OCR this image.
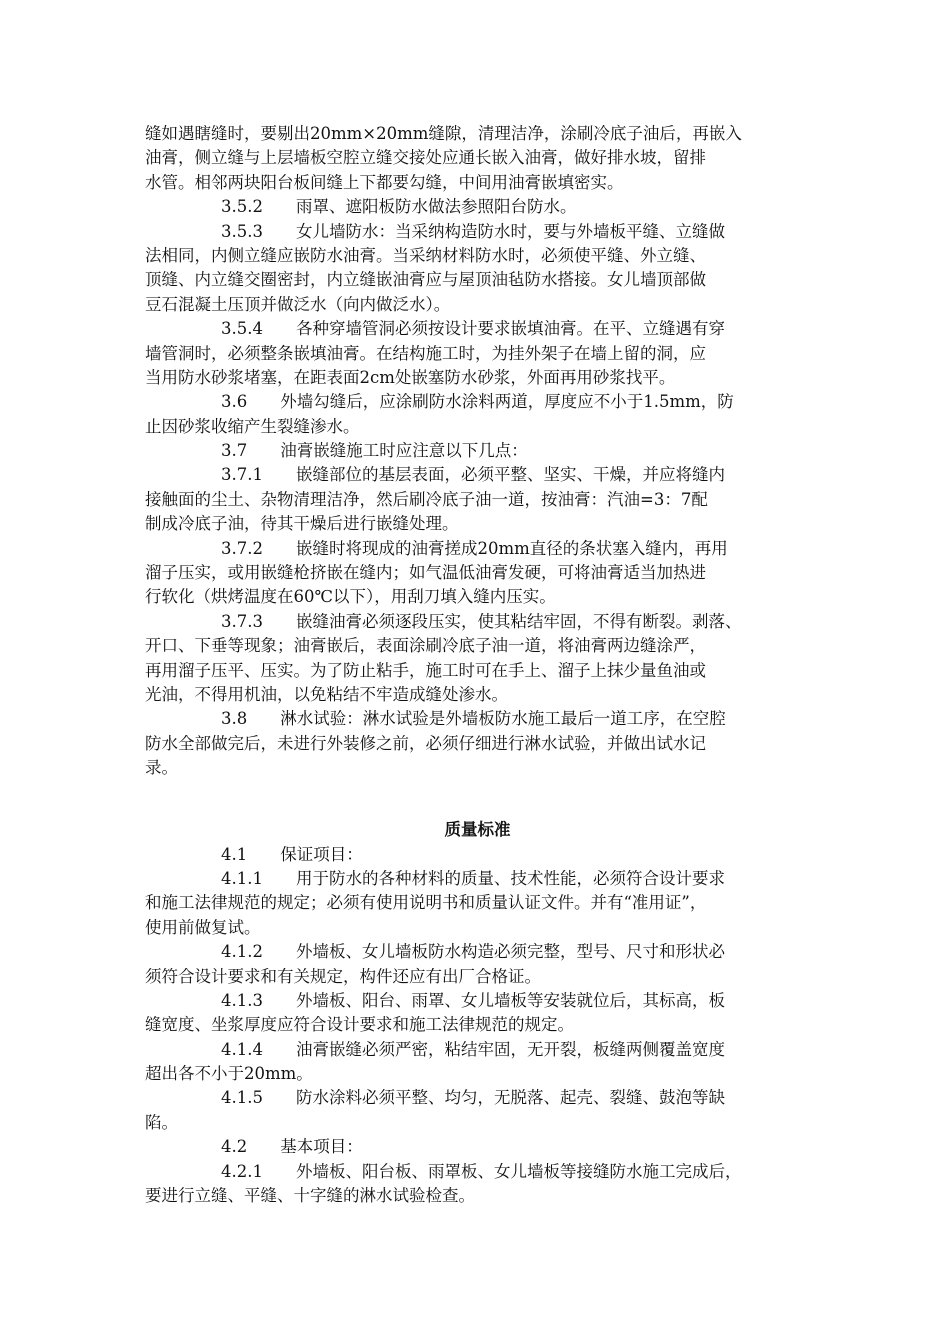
缝如遇瞎缝时，要剔出20mm×20mm缝隙，清理洁净，涂刷冷底子油后，再嵌入
油膏，侧立缝与上层墙板空腔立缝交接处应通长嵌入油膏，做好排水坡，留排
水管。相邻两块阳台板间缝上下都要勾缝，中间用油膏嵌填密实。
3.5.2　　雨罩、遮阳板防水做法参照阳台防水。
3.5.3　　女儿墙防水：当采纳构造防水时，要与外墙板平缝、立缝做
法相同，内侧立缝应嵌防水油膏。当采纳材料防水时，必须使平缝、外立缝、
顶缝、内立缝交圈密封，内立缝嵌油膏应与屋顶油毡防水搭接。女儿墙顶部做
豆石混凝土压顶并做泛水（向内做泛水）。
3.5.4　　各种穿墙管洞必须按设计要求嵌填油膏。在平、立缝遇有穿
墙管洞时，必须整条嵌填油膏。在结构施工时，为挂外架子在墙上留的洞，应
当用防水砂浆堵塞，在距表面2cm处嵌塞防水砂浆，外面再用砂浆找平。
3.6　　外墙勾缝后，应涂刷防水涂料两道，厚度应不小于1.5mm，防
止因砂浆收缩产生裂缝渗水。
3.7　　油膏嵌缝施工时应注意以下几点：
3.7.1　　嵌缝部位的基层表面，必须平整、坚实、干燥，并应将缝内
接触面的尘土、杂物清理洁净，然后刷冷底子油一道，按油膏：汽油=3：7配
制成冷底子油，待其干燥后进行嵌缝处理。
3.7.2　　嵌缝时将现成的油膏搓成20mm直径的条状塞入缝内，再用
溜子压实，或用嵌缝枪挤嵌在缝内；如气温低油膏发硬，可将油膏适当加热进
行软化（烘烤温度在60℃以下），用刮刀填入缝内压实。
3.7.3　　嵌缝油膏必须逐段压实，使其粘结牢固，不得有断裂。剥落、
开口、下垂等现象；油膏嵌后，表面涂刷冷底子油一道，将油膏两边缝涂严，
再用溜子压平、压实。为了防止粘手，施工时可在手上、溜子上抹少量鱼油或
光油，不得用机油，以免粘结不牢造成缝处渗水。
3.8　　淋水试验：淋水试验是外墙板防水施工最后一道工序，在空腔
防水全部做完后，未进行外装修之前，必须仔细进行淋水试验，并做出试水记
录。
质量标准
4.1　　保证项目：
4.1.1　　用于防水的各种材料的质量、技术性能，必须符合设计要求
和施工法律规范的规定；必须有使用说明书和质量认证文件。并有“准用证”，
使用前做复试。
4.1.2　　外墙板、女儿墙板防水构造必须完整，型号、尺寸和形状必
须符合设计要求和有关规定，构件还应有出厂合格证。
4.1.3　　外墙板、阳台、雨罩、女儿墙板等安装就位后，其标高，板
缝宽度、坐浆厚度应符合设计要求和施工法律规范的规定。
4.1.4　　油膏嵌缝必须严密，粘结牢固，无开裂，板缝两侧覆盖宽度
超出各不小于20mm。
4.1.5　　防水涂料必须平整、均匀，无脱落、起壳、裂缝、鼓泡等缺
陷。
4.2　　基本项目：
4.2.1　　外墙板、阳台板、雨罩板、女儿墙板等接缝防水施工完成后，
要进行立缝、平缝、十字缝的淋水试验检查。
